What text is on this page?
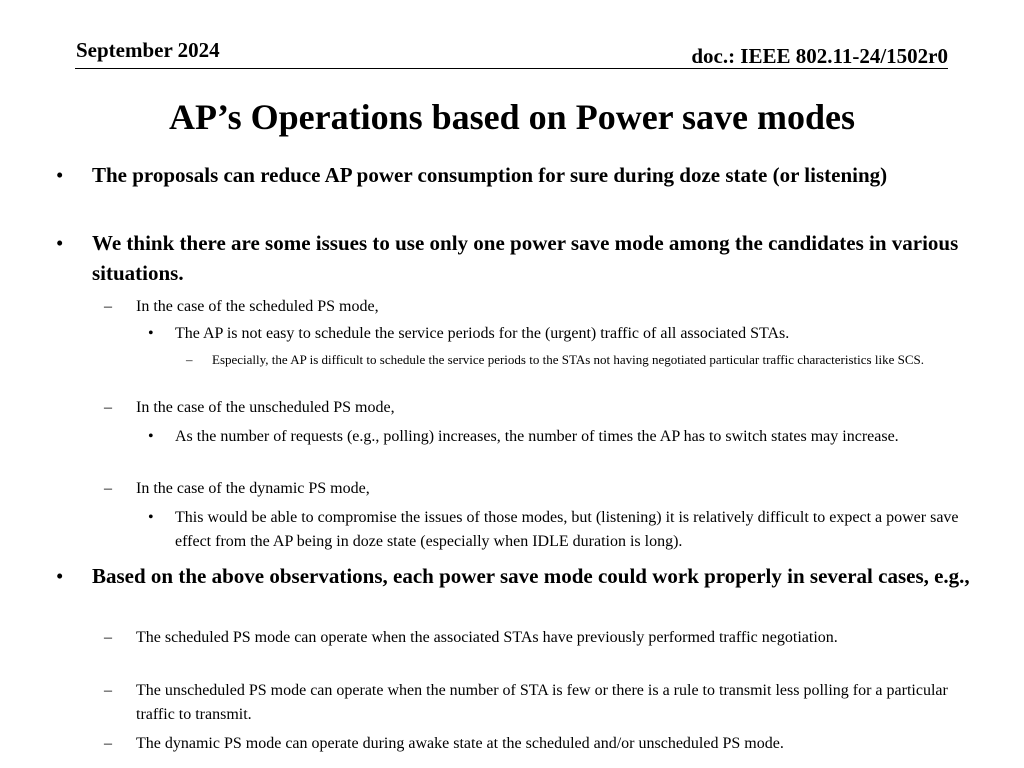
September 2024	doc.: IEEE 802.11-24/1502r0
AP’s Operations based on Power save modes
• The proposals can reduce AP power consumption for sure during doze state (or listening)
• We think there are some issues to use only one power save mode among the candidates in various situations.
– In the case of the scheduled PS mode,
• The AP is not easy to schedule the service periods for the (urgent) traffic of all associated STAs.
– Especially, the AP is difficult to schedule the service periods to the STAs not having negotiated particular traffic characteristics like SCS.
– In the case of the unscheduled PS mode,
• As the number of requests (e.g., polling) increases, the number of times the AP has to switch states may increase.
– In the case of the dynamic PS mode,
• This would be able to compromise the issues of those modes, but (listening) it is relatively difficult to expect a power save effect from the AP being in doze state (especially when IDLE duration is long).
• Based on the above observations, each power save mode could work properly in several cases, e.g.,
– The scheduled PS mode can operate when the associated STAs have previously performed traffic negotiation.
– The unscheduled PS mode can operate when the number of STA is few or there is a rule to transmit less polling for a particular traffic to transmit.
– The dynamic PS mode can operate during awake state at the scheduled and/or unscheduled PS mode.
